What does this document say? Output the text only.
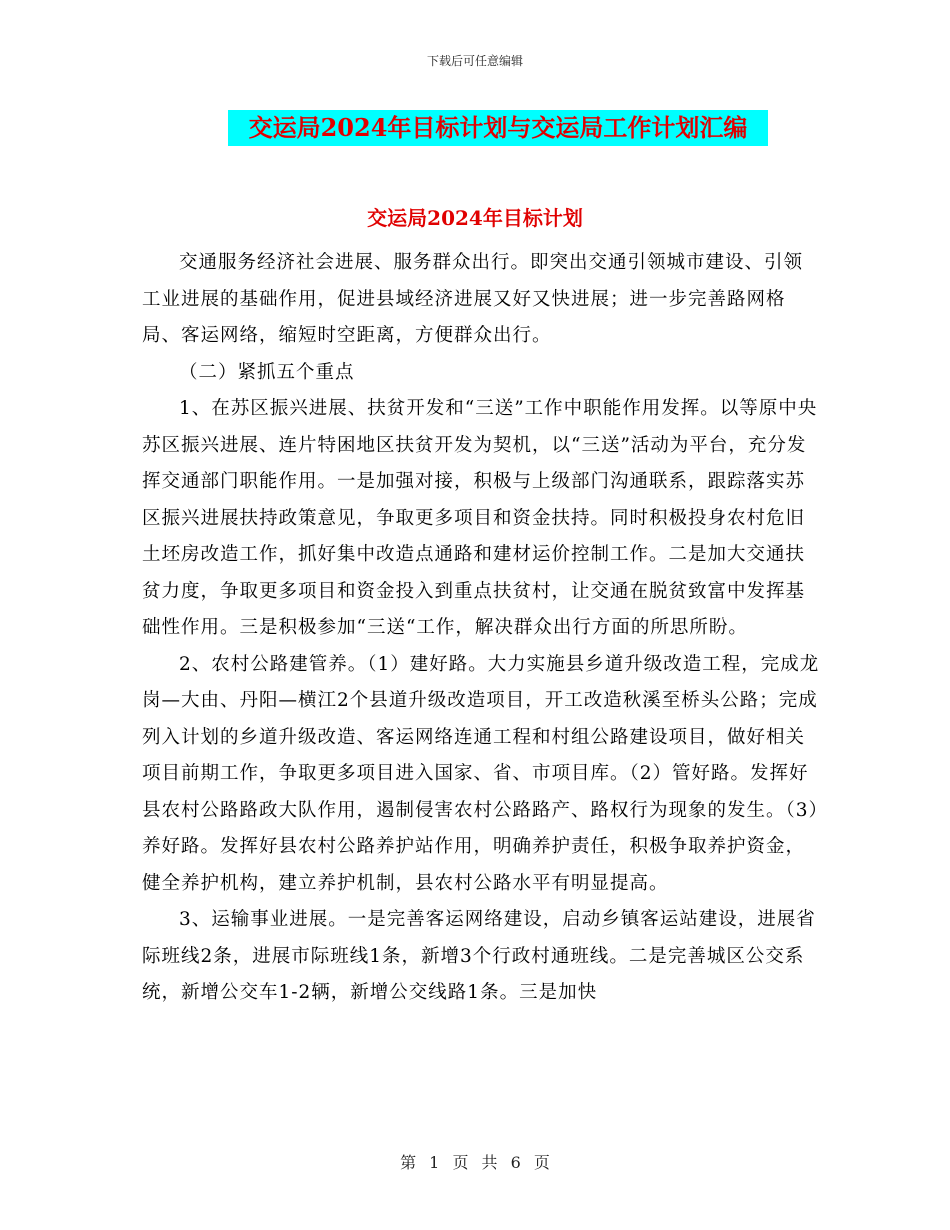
下载后可任意编辑
交运局2024年目标计划与交运局工作计划汇编
交运局2024年目标计划

交通服务经济社会进展、服务群众出行。即突出交通引领城市建设、引领工业进展的基础作用，促进县域经济进展又好又快进展；进一步完善路网格局、客运网络，缩短时空距离，方便群众出行。

（二）紧抓五个重点

1、在苏区振兴进展、扶贫开发和“三送”工作中职能作用发挥。以等原中央苏区振兴进展、连片特困地区扶贫开发为契机，以“三送”活动为平台，充分发挥交通部门职能作用。一是加强对接，积极与上级部门沟通联系，跟踪落实苏区振兴进展扶持政策意见，争取更多项目和资金扶持。同时积极投身农村危旧土坯房改造工作，抓好集中改造点通路和建材运价控制工作。二是加大交通扶贫力度，争取更多项目和资金投入到重点扶贫村，让交通在脱贫致富中发挥基础性作用。三是积极参加“三送“工作，解决群众出行方面的所思所盼。

2、农村公路建管养。（1）建好路。大力实施县乡道升级改造工程，完成龙岗—大由、丹阳—横江2个县道升级改造项目，开工改造秋溪至桥头公路；完成列入计划的乡道升级改造、客运网络连通工程和村组公路建设项目，做好相关项目前期工作，争取更多项目进入国家、省、市项目库。（2）管好路。发挥好县农村公路路政大队作用，遏制侵害农村公路路产、路权行为现象的发生。（3）养好路。发挥好县农村公路养护站作用，明确养护责任，积极争取养护资金，健全养护机构，建立养护机制，县农村公路水平有明显提高。

3、运输事业进展。一是完善客运网络建设，启动乡镇客运站建设，进展省际班线2条，进展市际班线1条，新增3个行政村通班线。二是完善城区公交系统，新增公交车1-2辆，新增公交线路1条。三是加快

第 1 页 共 6 页
